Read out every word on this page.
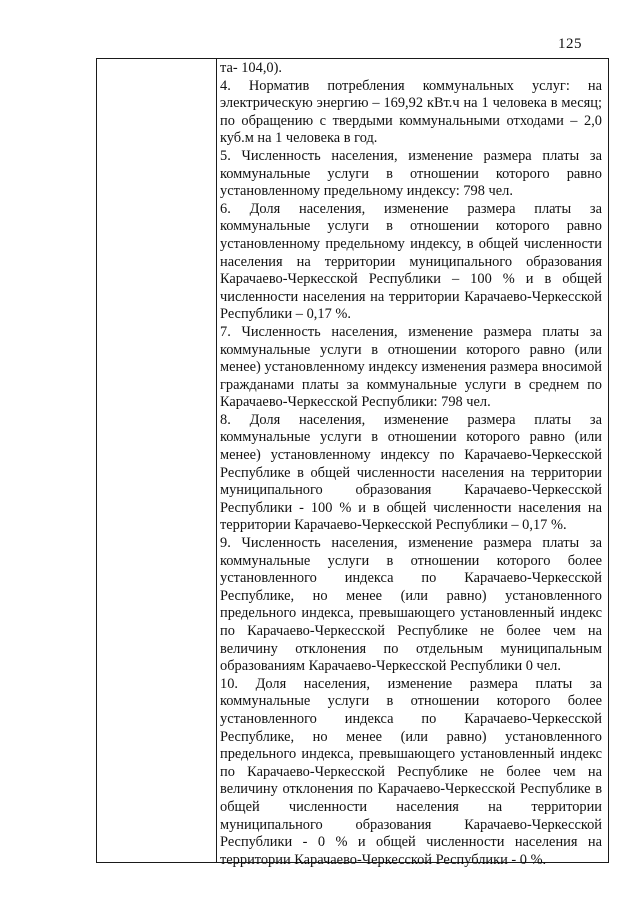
125

та- 104,0).

4. Норматив потребления коммунальных услуг: на электрическую энергию – 169,92 кВт.ч на 1 человека в месяц; по обращению с твердыми коммунальными отходами – 2,0 куб.м на 1 человека в год.

5. Численность населения, изменение размера платы за коммунальные услуги в отношении которого равно установленному предельному индексу: 798 чел.

6. Доля населения, изменение размера платы за коммунальные услуги в отношении которого равно установленному предельному индексу, в общей численности населения на территории муниципального образования Карачаево-Черкесской Республики – 100 % и в общей численности населения на территории Карачаево-Черкесской Республики – 0,17 %.

7. Численность населения, изменение размера платы за коммунальные услуги в отношении которого равно (или менее) установленному индексу изменения размера вносимой гражданами платы за коммунальные услуги в среднем по Карачаево-Черкесской Республики: 798 чел.

8. Доля населения, изменение размера платы за коммунальные услуги в отношении которого равно (или менее) установленному индексу по Карачаево-Черкесской Республике в общей численности населения на территории муниципального образования Карачаево-Черкесской Республики - 100 % и в общей численности населения на территории Карачаево-Черкесской Республики – 0,17 %.

9. Численность населения, изменение размера платы за коммунальные услуги в отношении которого более установленного индекса по Карачаево-Черкесской Республике, но менее (или равно) установленного предельного индекса, превышающего установленный индекс по Карачаево-Черкесской Республике не более чем на величину отклонения по отдельным муниципальным образованиям Карачаево-Черкесской Республики 0 чел.

10. Доля населения, изменение размера платы за коммунальные услуги в отношении которого более установленного индекса по Карачаево-Черкесской Республике, но менее (или равно) установленного предельного индекса, превышающего установленный индекс по Карачаево-Черкесской Республике не более чем на величину отклонения по Карачаево-Черкесской Республике в общей численности населения на территории муниципального образования Карачаево-Черкесской Республики - 0 % и общей численности населения на территории Карачаево-Черкесской Республики - 0 %.
